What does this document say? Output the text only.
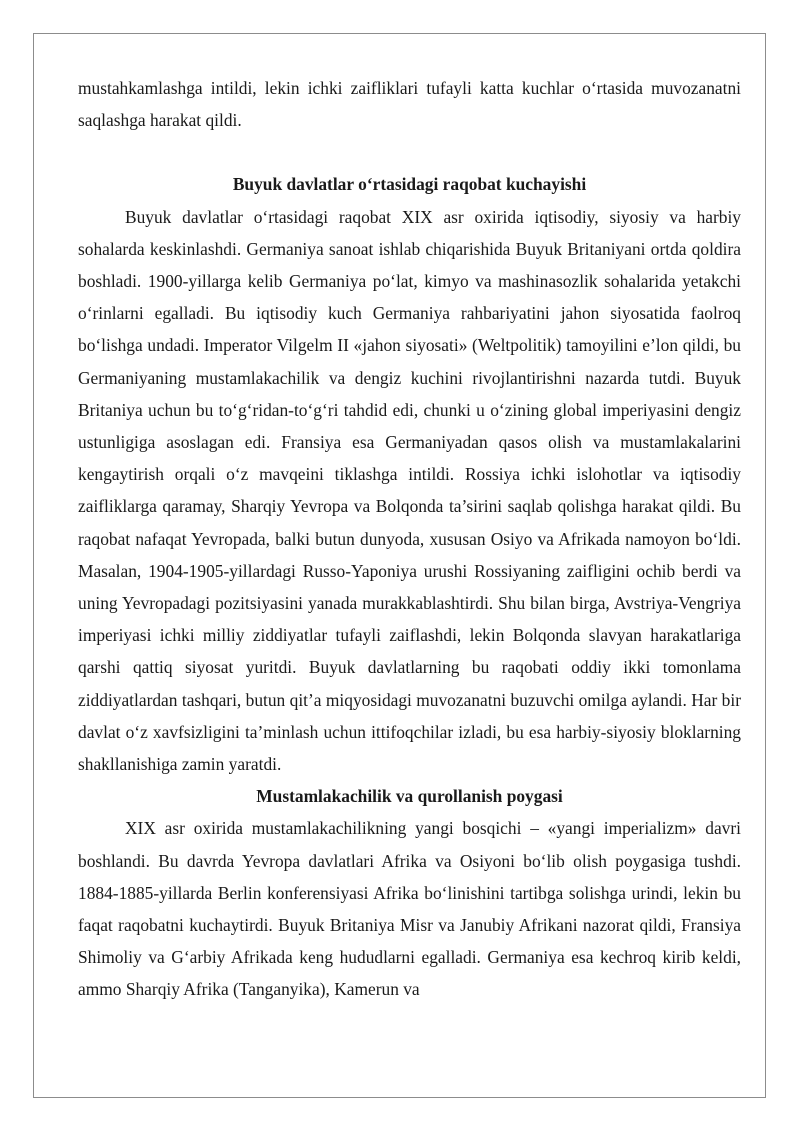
mustahkamlashga intildi, lekin ichki zaifliklari tufayli katta kuchlar o‘rtasida muvozanatni saqlashga harakat qildi.

Buyuk davlatlar o‘rtasidagi raqobat kuchayishi

Buyuk davlatlar o‘rtasidagi raqobat XIX asr oxirida iqtisodiy, siyosiy va harbiy sohalarda keskinlashdi. Germaniya sanoat ishlab chiqarishida Buyuk Britaniyani ortda qoldira boshladi. 1900-yillarga kelib Germaniya po‘lat, kimyo va mashinasozlik sohalarida yetakchi o‘rinlarni egalladi. Bu iqtisodiy kuch Germaniya rahbariyatini jahon siyosatida faolroq bo‘lishga undadi. Imperator Vilgelm II «jahon siyosati» (Weltpolitik) tamoyilini e’lon qildi, bu Germaniyaning mustamlakachilik va dengiz kuchini rivojlantirishni nazarda tutdi. Buyuk Britaniya uchun bu to‘g‘ridan-to‘g‘ri tahdid edi, chunki u o‘zining global imperiyasini dengiz ustunligiga asoslagan edi. Fransiya esa Germaniyadan qasos olish va mustamlakalarini kengaytirish orqali o‘z mavqeini tiklashga intildi. Rossiya ichki islohotlar va iqtisodiy zaifliklarga qaramay, Sharqiy Yevropa va Bolqonda ta’sirini saqlab qolishga harakat qildi. Bu raqobat nafaqat Yevropada, balki butun dunyoda, xususan Osiyo va Afrikada namoyon bo‘ldi. Masalan, 1904-1905-yillardagi Russo-Yaponiya urushi Rossiyaning zaifligini ochib berdi va uning Yevropadagi pozitsiyasini yanada murakkablashtirdi. Shu bilan birga, Avstriya-Vengriya imperiyasi ichki milliy ziddiyatlar tufayli zaiflashdi, lekin Bolqonda slavyan harakatlariga qarshi qattiq siyosat yuritdi. Buyuk davlatlarning bu raqobati oddiy ikki tomonlama ziddiyatlardan tashqari, butun qit’a miqyosidagi muvozanatni buzuvchi omilga aylandi. Har bir davlat o‘z xavfsizligini ta’minlash uchun ittifoqchilar izladi, bu esa harbiy-siyosiy bloklarning shakllanishiga zamin yaratdi.

Mustamlakachilik va qurollanish poygasi

XIX asr oxirida mustamlakachilikning yangi bosqichi – «yangi imperializm» davri boshlandi. Bu davrda Yevropa davlatlari Afrika va Osiyoni bo‘lib olish poygasiga tushdi. 1884-1885-yillarda Berlin konferensiyasi Afrika bo‘linishini tartibga solishga urindi, lekin bu faqat raqobatni kuchaytirdi. Buyuk Britaniya Misr va Janubiy Afrikani nazorat qildi, Fransiya Shimoliy va G‘arbiy Afrikada keng hududlarni egalladi. Germaniya esa kechroq kirib keldi, ammo Sharqiy Afrika (Tanganyika), Kamerun va
